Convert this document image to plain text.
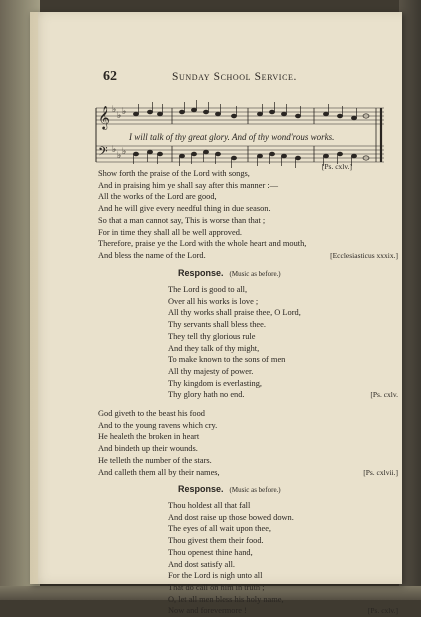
62	Sunday School Service.
𝄞
𝄢
♭
♭ ♭
♭
♭ ♭
I will talk of thy great glory. And of thy wond'rous works.
[Ps. cxlv.]
Show forth the praise of the Lord with songs,
And in praising him ye shall say after this manner :—
All the works of the Lord are good,
And he will give every needful thing in due season.
So that a man cannot say, This is worse than that ;
For in time they shall all be well approved.
Therefore, praise ye the Lord with the whole heart and mouth,
And bless the name of the Lord.	[Ecclesiasticus xxxix.]
Response. (Music as before.)
The Lord is good to all,
Over all his works is love ;
All thy works shall praise thee, O Lord,
Thy servants shall bless thee.
They tell thy glorious rule
And they talk of thy might,
To make known to the sons of men
All thy majesty of power.
Thy kingdom is everlasting,
Thy glory hath no end.	[Ps. cxlv.
God giveth to the beast his food
And to the young ravens which cry.
He healeth the broken in heart
And bindeth up their wounds.
He telleth the number of the stars.
And calleth them all by their names,	[Ps. cxlvii.]
Response. (Music as before.)
Thou holdest all that fall
And dost raise up those bowed down.
The eyes of all wait upon thee,
Thou givest them their food.
Thou openest thine hand,
And dost satisfy all.
For the Lord is nigh unto all
That do call on him in truth ;
O, let all men bless his holy name,
Now and forevermore !	[Ps. cxlv.]
